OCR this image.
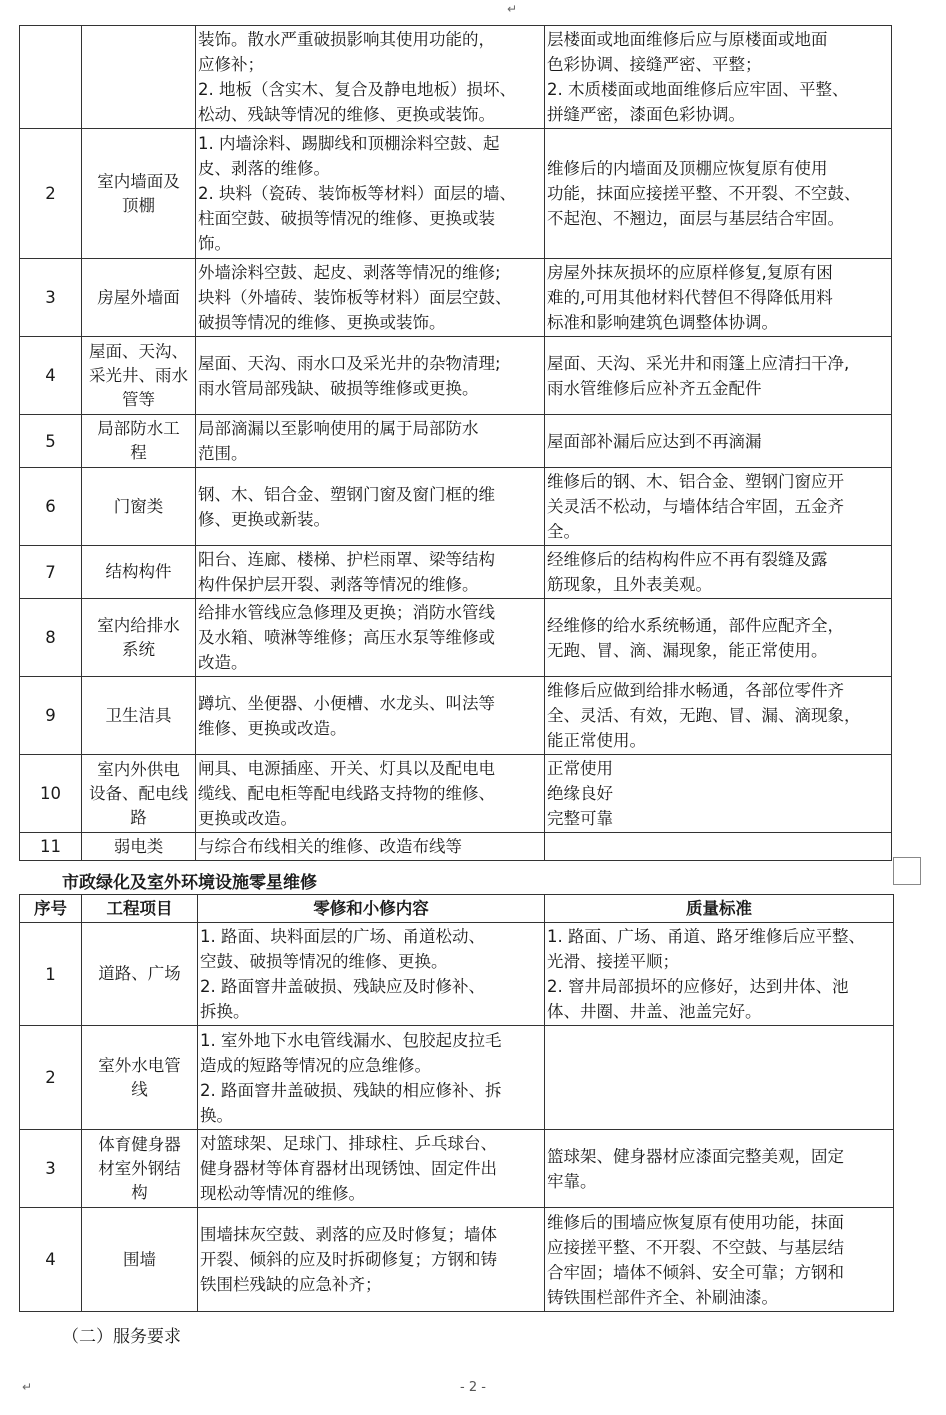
↵

		装饰。散水严重破损影响其使用功能的，
应修补；
2. 地板（含实木、复合及静电地板）损坏、
松动、残缺等情况的维修、更换或装饰。	层楼面或地面维修后应与原楼面或地面
色彩协调、接缝严密、平整；
2. 木质楼面或地面维修后应牢固、平整、
拼缝严密，漆面色彩协调。

2	室内墙面及
顶棚	1. 内墙涂料、踢脚线和顶棚涂料空鼓、起
皮、剥落的维修。
2. 块料（瓷砖、装饰板等材料）面层的墙、
柱面空鼓、破损等情况的维修、更换或装
饰。	维修后的内墙面及顶棚应恢复原有使用
功能，抹面应接搓平整、不开裂、不空鼓、
不起泡、不翘边，面层与基层结合牢固。

3	房屋外墙面	外墙涂料空鼓、起皮、剥落等情况的维修;
块料（外墙砖、装饰板等材料）面层空鼓、
破损等情况的维修、更换或装饰。	房屋外抹灰损坏的应原样修复,复原有困
难的,可用其他材料代替但不得降低用料
标准和影响建筑色调整体协调。

4	屋面、天沟、
采光井、雨水
管等	屋面、天沟、雨水口及采光井的杂物清理;
雨水管局部残缺、破损等维修或更换。	屋面、天沟、采光井和雨篷上应清扫干净,
雨水管维修后应补齐五金配件

5	局部防水工
程	局部滴漏以至影响使用的属于局部防水
范围。	屋面部补漏后应达到不再滴漏

6	门窗类	钢、木、铝合金、塑钢门窗及窗门框的维
修、更换或新装。	维修后的钢、木、铝合金、塑钢门窗应开
关灵活不松动，与墙体结合牢固，五金齐
全。

7	结构构件	阳台、连廊、楼梯、护栏雨罩、梁等结构
构件保护层开裂、剥落等情况的维修。	经维修后的结构构件应不再有裂缝及露
筋现象，且外表美观。

8	室内给排水
系统	给排水管线应急修理及更换；消防水管线
及水箱、喷淋等维修；高压水泵等维修或
改造。	经维修的给水系统畅通，部件应配齐全，
无跑、冒、滴、漏现象，能正常使用。

9	卫生洁具	蹲坑、坐便器、小便槽、水龙头、叫法等
维修、更换或改造。	维修后应做到给排水畅通，各部位零件齐
全、灵活、有效，无跑、冒、漏、滴现象，
能正常使用。

10	室内外供电
设备、配电线
路	闸具、电源插座、开关、灯具以及配电电
缆线、配电柜等配电线路支持物的维修、
更换或改造。	正常使用
绝缘良好
完整可靠

11	弱电类	与综合布线相关的维修、改造布线等	

市政绿化及室外环境设施零星维修
序号	工程项目	零修和小修内容	质量标准
1	道路、广场	1. 路面、块料面层的广场、甬道松动、
空鼓、破损等情况的维修、更换。
2. 路面窨井盖破损、残缺应及时修补、
拆换。	1. 路面、广场、甬道、路牙维修后应平整、
光滑、接搓平顺；
2. 窨井局部损坏的应修好，达到井体、池
体、井圈、井盖、池盖完好。

2	室外水电管
线	1. 室外地下水电管线漏水、包胶起皮拉毛
造成的短路等情况的应急维修。
2. 路面窨井盖破损、残缺的相应修补、拆
换。	

3	体育健身器
材室外钢结
构	对篮球架、足球门、排球柱、乒乓球台、
健身器材等体育器材出现锈蚀、固定件出
现松动等情况的维修。	篮球架、健身器材应漆面完整美观，固定
牢靠。

4	围墙	围墙抹灰空鼓、剥落的应及时修复；墙体
开裂、倾斜的应及时拆砌修复；方钢和铸
铁围栏残缺的应急补齐；	维修后的围墙应恢复原有使用功能，抹面
应接搓平整、不开裂、不空鼓、与基层结
合牢固；墙体不倾斜、安全可靠；方钢和
铸铁围栏部件齐全、补刷油漆。
（二）服务要求
↵	- 2 -
